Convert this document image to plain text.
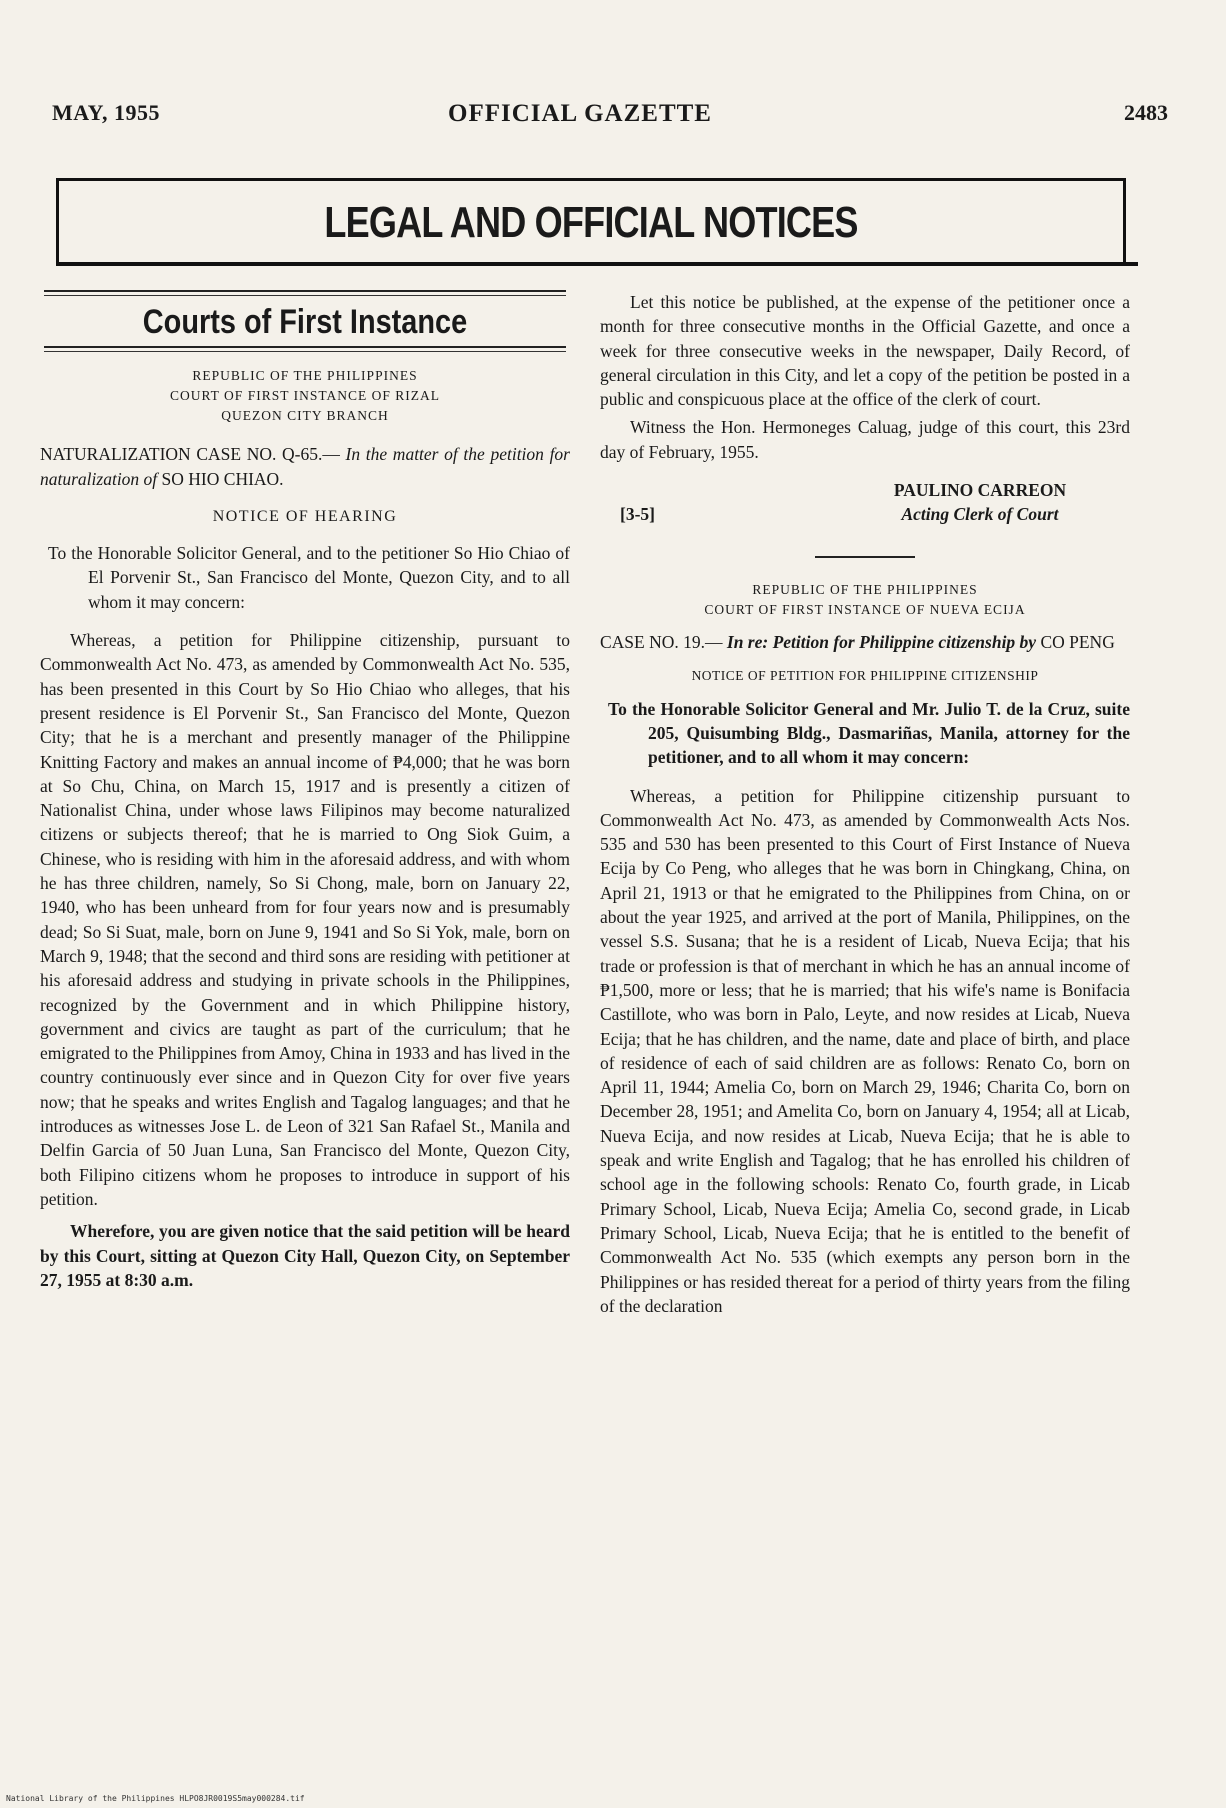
MAY, 1955	OFFICIAL GAZETTE	2483
LEGAL AND OFFICIAL NOTICES
Courts of First Instance
REPUBLIC OF THE PHILIPPINES
COURT OF FIRST INSTANCE OF RIZAL
QUEZON CITY BRANCH
NATURALIZATION CASE NO. Q-65.— In the matter of the petition for naturalization of SO HIO CHIAO.
NOTICE OF HEARING
To the Honorable Solicitor General, and to the petitioner So Hio Chiao of El Porvenir St., San Francisco del Monte, Quezon City, and to all whom it may concern:

Whereas, a petition for Philippine citizenship, pursuant to Commonwealth Act No. 473, as amended by Commonwealth Act No. 535, has been presented in this Court by So Hio Chiao who alleges, that his present residence is El Porvenir St., San Francisco del Monte, Quezon City; that he is a merchant and presently manager of the Philippine Knitting Factory and makes an annual income of ₱4,000; that he was born at So Chu, China, on March 15, 1917 and is presently a citizen of Nationalist China, under whose laws Filipinos may become naturalized citizens or subjects thereof; that he is married to Ong Siok Guim, a Chinese, who is residing with him in the aforesaid address, and with whom he has three children, namely, So Si Chong, male, born on January 22, 1940, who has been unheard from for four years now and is presumably dead; So Si Suat, male, born on June 9, 1941 and So Si Yok, male, born on March 9, 1948; that the second and third sons are residing with petitioner at his aforesaid address and studying in private schools in the Philippines, recognized by the Government and in which Philippine history, government and civics are taught as part of the curriculum; that he emigrated to the Philippines from Amoy, China in 1933 and has lived in the country continuously ever since and in Quezon City for over five years now; that he speaks and writes English and Tagalog languages; and that he introduces as witnesses Jose L. de Leon of 321 San Rafael St., Manila and Delfin Garcia of 50 Juan Luna, San Francisco del Monte, Quezon City, both Filipino citizens whom he proposes to introduce in support of his petition.

Wherefore, you are given notice that the said petition will be heard by this Court, sitting at Quezon City Hall, Quezon City, on September 27, 1955 at 8:30 a.m.

Let this notice be published, at the expense of the petitioner once a month for three consecutive months in the Official Gazette, and once a week for three consecutive weeks in the newspaper, Daily Record, of general circulation in this City, and let a copy of the petition be posted in a public and conspicuous place at the office of the clerk of court.

Witness the Hon. Hermoneges Caluag, judge of this court, this 23rd day of February, 1955.

[3-5]
PAULINO CARREON
Acting Clerk of Court
REPUBLIC OF THE PHILIPPINES
COURT OF FIRST INSTANCE OF NUEVA ECIJA
CASE NO. 19.— In re: Petition for Philippine citizenship by CO PENG
NOTICE OF PETITION FOR PHILIPPINE CITIZENSHIP
To the Honorable Solicitor General and Mr. Julio T. de la Cruz, suite 205, Quisumbing Bldg., Dasmariñas, Manila, attorney for the petitioner, and to all whom it may concern:

Whereas, a petition for Philippine citizenship pursuant to Commonwealth Act No. 473, as amended by Commonwealth Acts Nos. 535 and 530 has been presented to this Court of First Instance of Nueva Ecija by Co Peng, who alleges that he was born in Chingkang, China, on April 21, 1913 or that he emigrated to the Philippines from China, on or about the year 1925, and arrived at the port of Manila, Philippines, on the vessel S.S. Susana; that he is a resident of Licab, Nueva Ecija; that his trade or profession is that of merchant in which he has an annual income of ₱1,500, more or less; that he is married; that his wife's name is Bonifacia Castillote, who was born in Palo, Leyte, and now resides at Licab, Nueva Ecija; that he has children, and the name, date and place of birth, and place of residence of each of said children are as follows: Renato Co, born on April 11, 1944; Amelia Co, born on March 29, 1946; Charita Co, born on December 28, 1951; and Amelita Co, born on January 4, 1954; all at Licab, Nueva Ecija, and now resides at Licab, Nueva Ecija; that he is able to speak and write English and Tagalog; that he has enrolled his children of school age in the following schools: Renato Co, fourth grade, in Licab Primary School, Licab, Nueva Ecija; Amelia Co, second grade, in Licab Primary School, Licab, Nueva Ecija; that he is entitled to the benefit of Commonwealth Act No. 535 (which exempts any person born in the Philippines or has resided thereat for a period of thirty years from the filing of the declaration

National Library of the Philippines HLPO8JR0019S5may000284.tif
